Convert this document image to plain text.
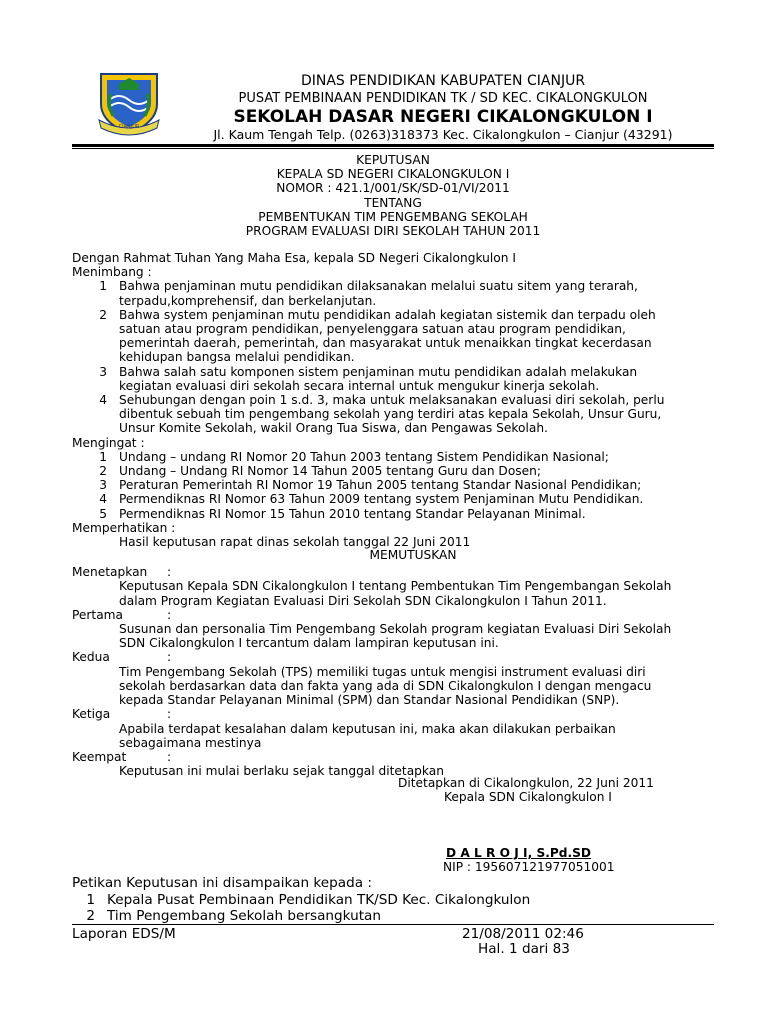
CIANJUR
DINAS PENDIDIKAN KABUPATEN CIANJUR
PUSAT PEMBINAAN PENDIDIKAN TK / SD KEC. CIKALONGKULON
SEKOLAH DASAR NEGERI CIKALONGKULON I
Jl. Kaum Tengah Telp. (0263)318373 Kec. Cikalongkulon – Cianjur (43291)
KEPUTUSAN
KEPALA SD NEGERI CIKALONGKULON I
NOMOR : 421.1/001/SK/SD-01/VI/2011
TENTANG
PEMBENTUKAN TIM PENGEMBANG SEKOLAH
PROGRAM EVALUASI DIRI SEKOLAH TAHUN 2011
Dengan Rahmat Tuhan Yang Maha Esa, kepala SD Negeri Cikalongkulon I
Menimbang :
1 Bahwa penjaminan mutu pendidikan dilaksanakan melalui suatu sitem yang terarah,
terpadu,komprehensif, dan berkelanjutan.
2 Bahwa system penjaminan mutu pendidikan adalah kegiatan sistemik dan terpadu oleh
satuan atau program pendidikan, penyelenggara satuan atau program pendidikan,
pemerintah daerah, pemerintah, dan masyarakat untuk menaikkan tingkat kecerdasan
kehidupan bangsa melalui pendidikan.
3 Bahwa salah satu komponen sistem penjaminan mutu pendidikan adalah melakukan
kegiatan evaluasi diri sekolah secara internal untuk mengukur kinerja sekolah.
4 Sehubungan dengan poin 1 s.d. 3, maka untuk melaksanakan evaluasi diri sekolah, perlu
dibentuk sebuah tim pengembang sekolah yang terdiri atas kepala Sekolah, Unsur Guru,
Unsur Komite Sekolah, wakil Orang Tua Siswa, dan Pengawas Sekolah.
Mengingat :
1 Undang – undang RI Nomor 20 Tahun 2003 tentang Sistem Pendidikan Nasional;
2 Undang – Undang RI Nomor 14 Tahun 2005 tentang Guru dan Dosen;
3 Peraturan Pemerintah RI Nomor 19 Tahun 2005 tentang Standar Nasional Pendidikan;
4 Permendiknas RI Nomor 63 Tahun 2009 tentang system Penjaminan Mutu Pendidikan.
5 Permendiknas RI Nomor 15 Tahun 2010 tentang Standar Pelayanan Minimal.
Memperhatikan :
Hasil keputusan rapat dinas sekolah tanggal 22 Juni 2011
MEMUTUSKAN
Menetapkan	:
Keputusan Kepala SDN Cikalongkulon I tentang Pembentukan Tim Pengembangan Sekolah
dalam Program Kegiatan Evaluasi Diri Sekolah SDN Cikalongkulon I Tahun 2011.
Pertama	:
Susunan dan personalia Tim Pengembang Sekolah program kegiatan Evaluasi Diri Sekolah
SDN Cikalongkulon I tercantum dalam lampiran keputusan ini.
Kedua	:
Tim Pengembang Sekolah (TPS) memiliki tugas untuk mengisi instrument evaluasi diri
sekolah berdasarkan data dan fakta yang ada di SDN Cikalongkulon I dengan mengacu
kepada Standar Pelayanan Minimal (SPM) dan Standar Nasional Pendidikan (SNP).
Ketiga	:
Apabila terdapat kesalahan dalam keputusan ini, maka akan dilakukan perbaikan
sebagaimana mestinya
Keempat	:
Keputusan ini mulai berlaku sejak tanggal ditetapkan
Ditetapkan di Cikalongkulon, 22 Juni 2011
Kepala SDN Cikalongkulon I
D A L R O J I, S.Pd.SD
NIP : 195607121977051001
Petikan Keputusan ini disampaikan kepada :
1 Kepala Pusat Pembinaan Pendidikan TK/SD Kec. Cikalongkulon
2 Tim Pengembang Sekolah bersangkutan
Laporan EDS/M	21/08/2011 02:46
Hal. 1 dari 83
